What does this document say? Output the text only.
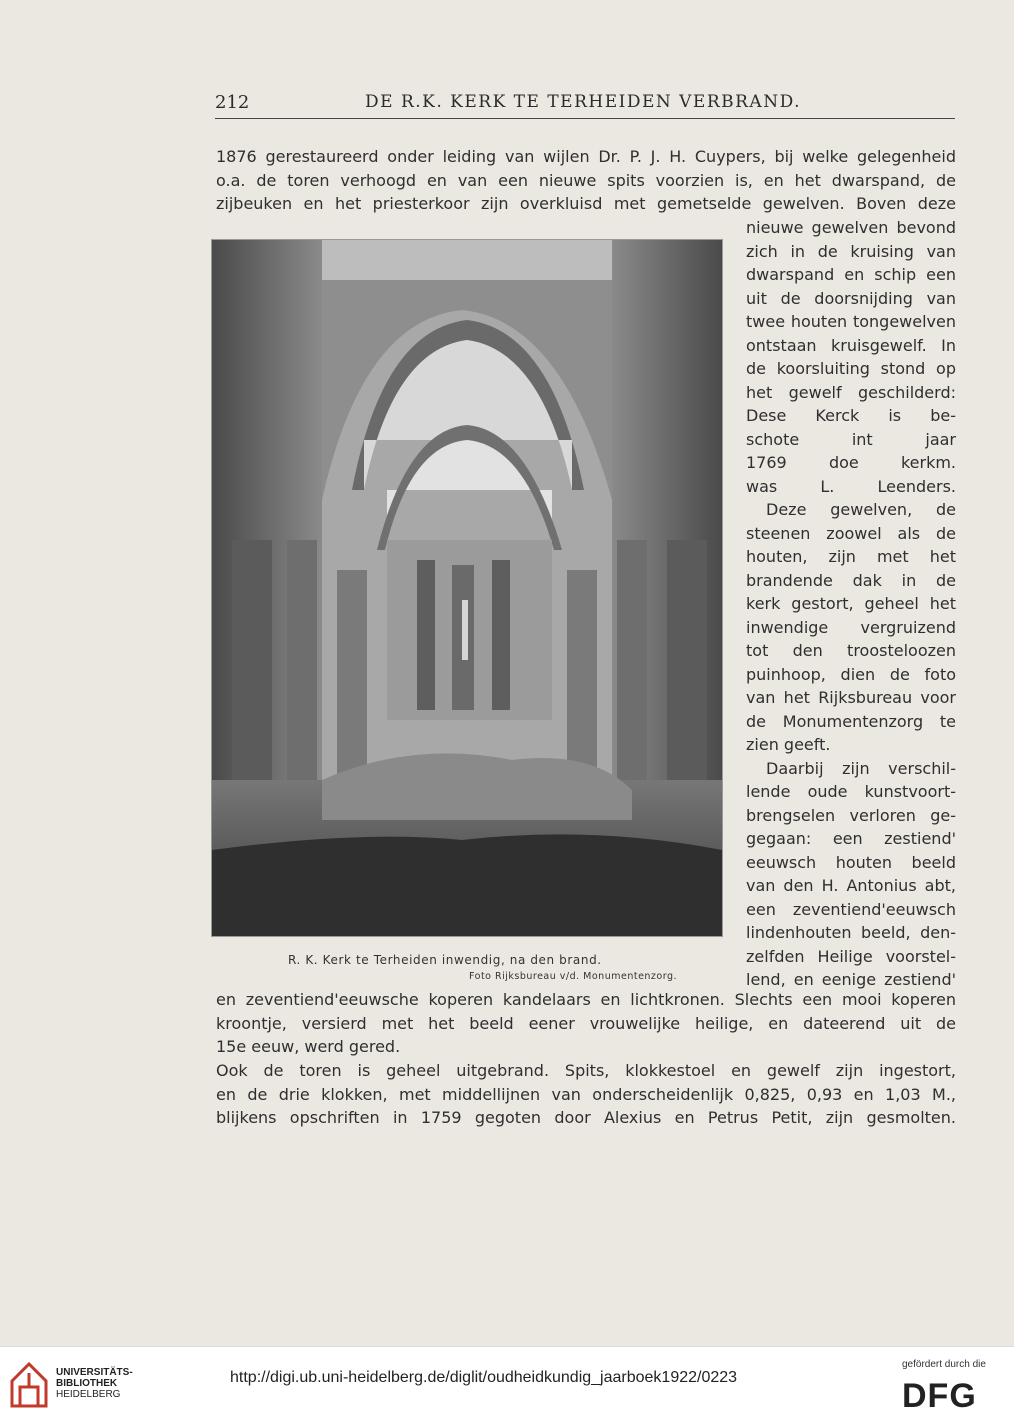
212	DE R.K. KERK TE TERHEIDEN VERBRAND.
1876 gerestaureerd onder leiding van wijlen Dr. P. J. H. Cuypers, bij welke gelegenheid
o.a. de toren verhoogd en van een nieuwe spits voorzien is, en het dwarspand, de
zijbeuken en het priesterkoor zijn overkluisd met gemetselde gewelven. Boven deze
R. K. Kerk te Terheiden inwendig, na den brand.
Foto Rijksbureau v/d. Monumentenzorg.
nieuwe gewelven bevond
zich in de kruising van
dwarspand en schip een
uit de doorsnijding van
twee houten tongewelven
ontstaan kruisgewelf. In
de koorsluiting stond op
het gewelf geschilderd:
Dese Kerck is be-
schote int jaar
1769 doe kerkm.
was L. Leenders.
Deze gewelven, de
steenen zoowel als de
houten, zijn met het
brandende dak in de
kerk gestort, geheel het
inwendige vergruizend
tot den troosteloozen
puinhoop, dien de foto
van het Rijksbureau voor
de Monumentenzorg te
zien geeft.
Daarbij zijn verschil-
lende oude kunstvoort-
brengselen verloren ge-
gegaan: een zestiend'
eeuwsch houten beeld
van den H. Antonius abt,
een zeventiend'eeuwsch
lindenhouten beeld, den-
zelfden Heilige voorstel-
lend, en eenige zestiend'
en zeventiend'eeuwsche koperen kandelaars en lichtkronen. Slechts een mooi koperen
kroontje, versierd met het beeld eener vrouwelijke heilige, en dateerend uit de
15e eeuw, werd gered.
Ook de toren is geheel uitgebrand. Spits, klokkestoel en gewelf zijn ingestort,
en de drie klokken, met middellijnen van onderscheidenlijk 0,825, 0,93 en 1,03 M.,
blijkens opschriften in 1759 gegoten door Alexius en Petrus Petit, zijn gesmolten.
UNIVERSITÄTS-
BIBLIOTHEK
HEIDELBERG
http://digi.ub.uni-heidelberg.de/diglit/oudheidkundig_jaarboek1922/0223
gefördert durch die
DFG
